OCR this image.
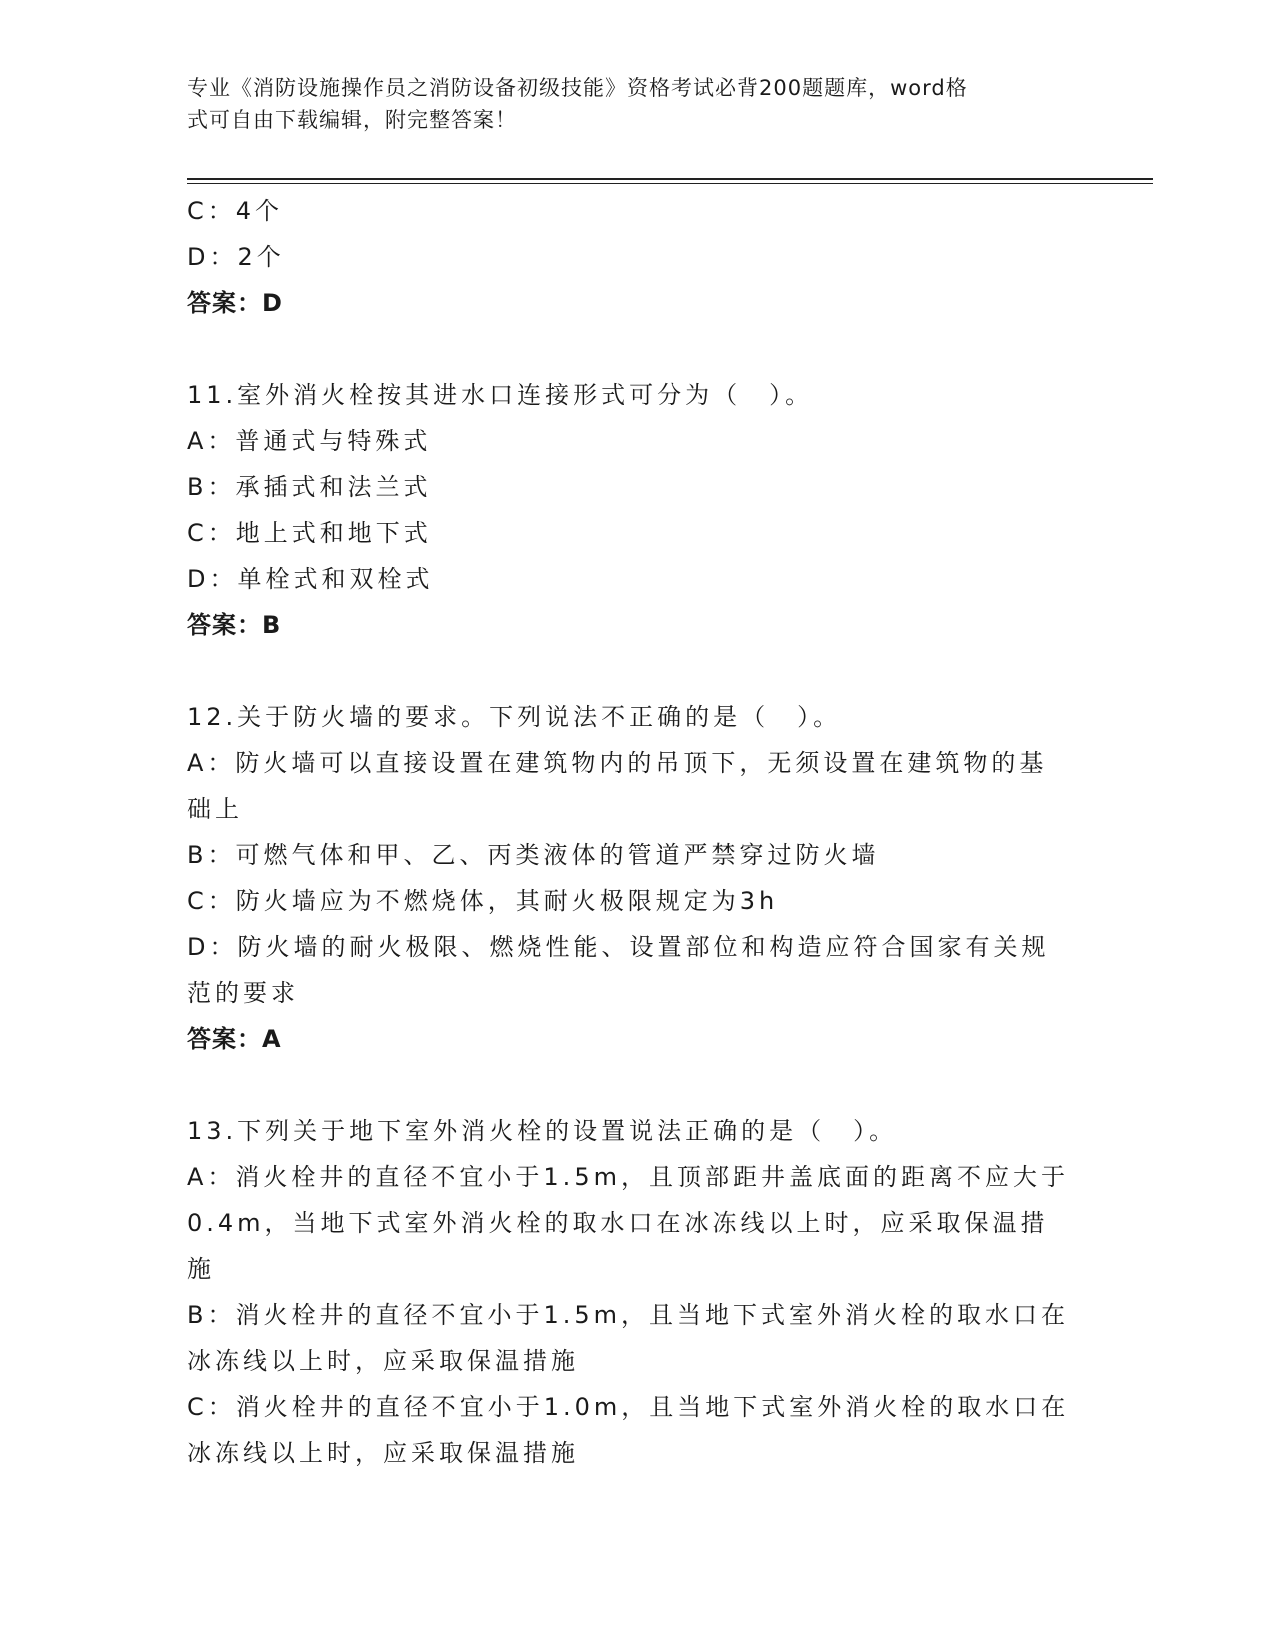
专业《消防设施操作员之消防设备初级技能》资格考试必背200题题库，word格
式可自由下载编辑，附完整答案！
C：4个
D：2个
答案：D
11.室外消火栓按其进水口连接形式可分为（　）。
A：普通式与特殊式
B：承插式和法兰式
C：地上式和地下式
D：单栓式和双栓式
答案：B
12.关于防火墙的要求。下列说法不正确的是（　）。
A：防火墙可以直接设置在建筑物内的吊顶下，无须设置在建筑物的基
础上
B：可燃气体和甲、乙、丙类液体的管道严禁穿过防火墙
C：防火墙应为不燃烧体，其耐火极限规定为3h
D：防火墙的耐火极限、燃烧性能、设置部位和构造应符合国家有关规
范的要求
答案：A
13.下列关于地下室外消火栓的设置说法正确的是（　）。
A：消火栓井的直径不宜小于1.5m，且顶部距井盖底面的距离不应大于
0.4m，当地下式室外消火栓的取水口在冰冻线以上时，应采取保温措
施
B：消火栓井的直径不宜小于1.5m，且当地下式室外消火栓的取水口在
冰冻线以上时，应采取保温措施
C：消火栓井的直径不宜小于1.0m，且当地下式室外消火栓的取水口在
冰冻线以上时，应采取保温措施
